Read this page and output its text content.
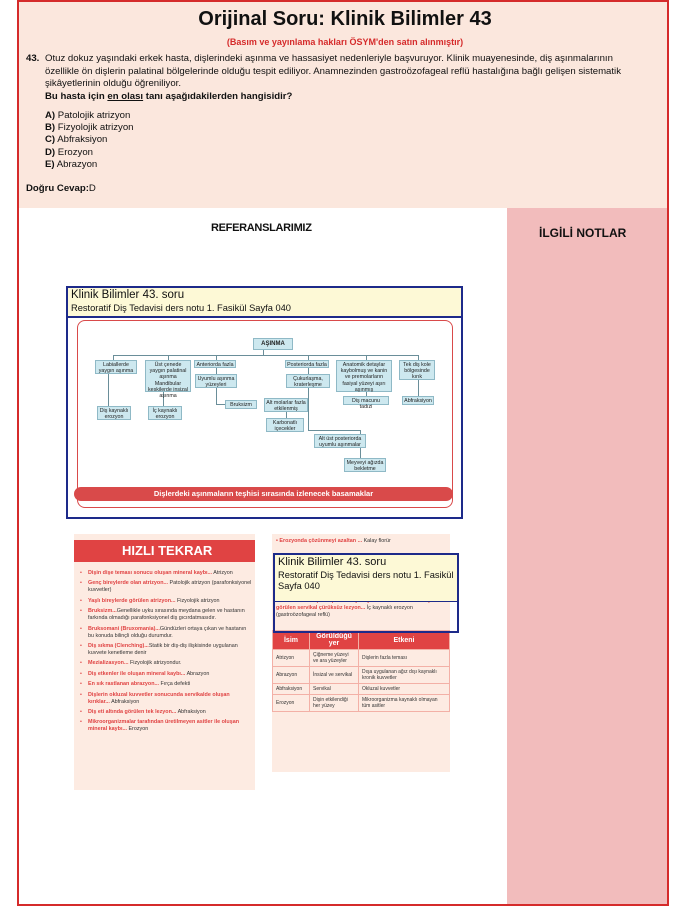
İLGİLİ NOTLAR
Orijinal Soru: Klinik Bilimler 43
(Basım ve yayınlama hakları ÖSYM'den satın alınmıştır)
43. Otuz dokuz yaşındaki erkek hasta, dişlerindeki aşınma ve hassasiyet nedenleriyle başvuruyor. Klinik muayenesinde, diş aşınmalarının özellikle ön dişlerin palatinal bölgelerinde olduğu tespit ediliyor. Anamnezinden gastroözofageal reflü hastalığına bağlı gelişen sistematik şikâyetlerinin olduğu öğreniliyor.
Bu hasta için en olası tanı aşağıdakilerden hangisidir?
A) Patolojik atrizyon
B) Fizyolojik atrizyon
C) Abfraksiyon
D) Erozyon
E) Abrazyon
Doğru Cevap:D
REFERANSLARIMIZ
Klinik Bilimler 43. soru
Restoratif Diş Tedavisi ders notu 1. Fasikül Sayfa 040
AŞINMA
Labiallerde yaygın aşınma
Üst çenede yaygın palatinal aşınma Mandibular keskilerde insizal aşınma
Anteriorda fazla	Posteriorda fazla	Anatomik detaylar kaybolmuş ve kanin ve premolarların fasiyal yüzeyi aşırı aşınmış
Tek diş kole bölgesinde kırık
Diş kaynaklı erozyon
İç kaynaklı erozyon
Uyumlu aşınma yüzeyleri
Bruksizm
Çukurlaşma, kraterleşme
Diş macunu tadızi
Abfraksiyon
Alt molarlar fazla etkilenmiş
Karbonatlı içecekler
Alt üst posteriorda uyumlu aşınmalar
Meyveyi ağızda bekletme
Dişlerdeki aşınmaların teşhisi sırasında izlenecek basamaklar
HIZLI TEKRAR
• Dişin dişe teması sonucu oluşan mineral kaybı... Atrizyon
• Genç bireylerde olan atrizyon... Patolojik atrizyon (parafonksiyonel kuvvetler)
• Yaşlı bireylerde görülen atrizyon... Fizyolojik atrizyon
• Bruksizm...Genellikle uyku sırasında meydana gelen ve hastanın farkında olmadığı parafonksiyonel diş gıcırdatmasıdır.
• Bruksomani (Bruxomania)...Gündüzleri ortaya çıkan ve hastanın bu konuda bilinçli olduğu durumdur.
• Diş sıkma (Clenching)...Statik bir diş-diş ilişkisinde uygulanan kuvvete kenetleme denir
• Mezializasyon... Fizyolojik atrizyondur.
• Diş etkenler ile oluşan mineral kaybı... Abrazyon
• En sık rastlanan abrazyon... Fırça defekti
• Dişlerin okluzal kuvvetler sonucunda servikalde oluşan kırıklar... Abfraksiyon
• Diş eti altında görülen tek lezyon... Abfraksiyon
• Mikroorganizmalar tarafından üretilmeyen asitler ile oluşan mineral kaybı... Erozyon
• Erozyonda çözünmeyi azaltan ... Kalay florür
görülen servikal çürüksüz lezyon... İç kaynaklı erozyon (gastroözofageal reflü)
İsim	Görüldüğü yer	Etkeni
Atrizyon	Çiğneme yüzeyi ve ara yüzeyler	Dişlerin fazla teması
Abrazyon	İnsizal ve servikal	Dışa uygulanan ağız dışı kaynaklı kronik kuvvetler
Abfraksiyon	Servikal	Okluzal kuvvetler
Erozyon	Dişin etkilendiği her yüzey	Mikroorganizma kaynaklı olmayan tüm asitler
Klinik Bilimler 43. soru
Restoratif Diş Tedavisi ders notu 1. Fasikül Sayfa 040
